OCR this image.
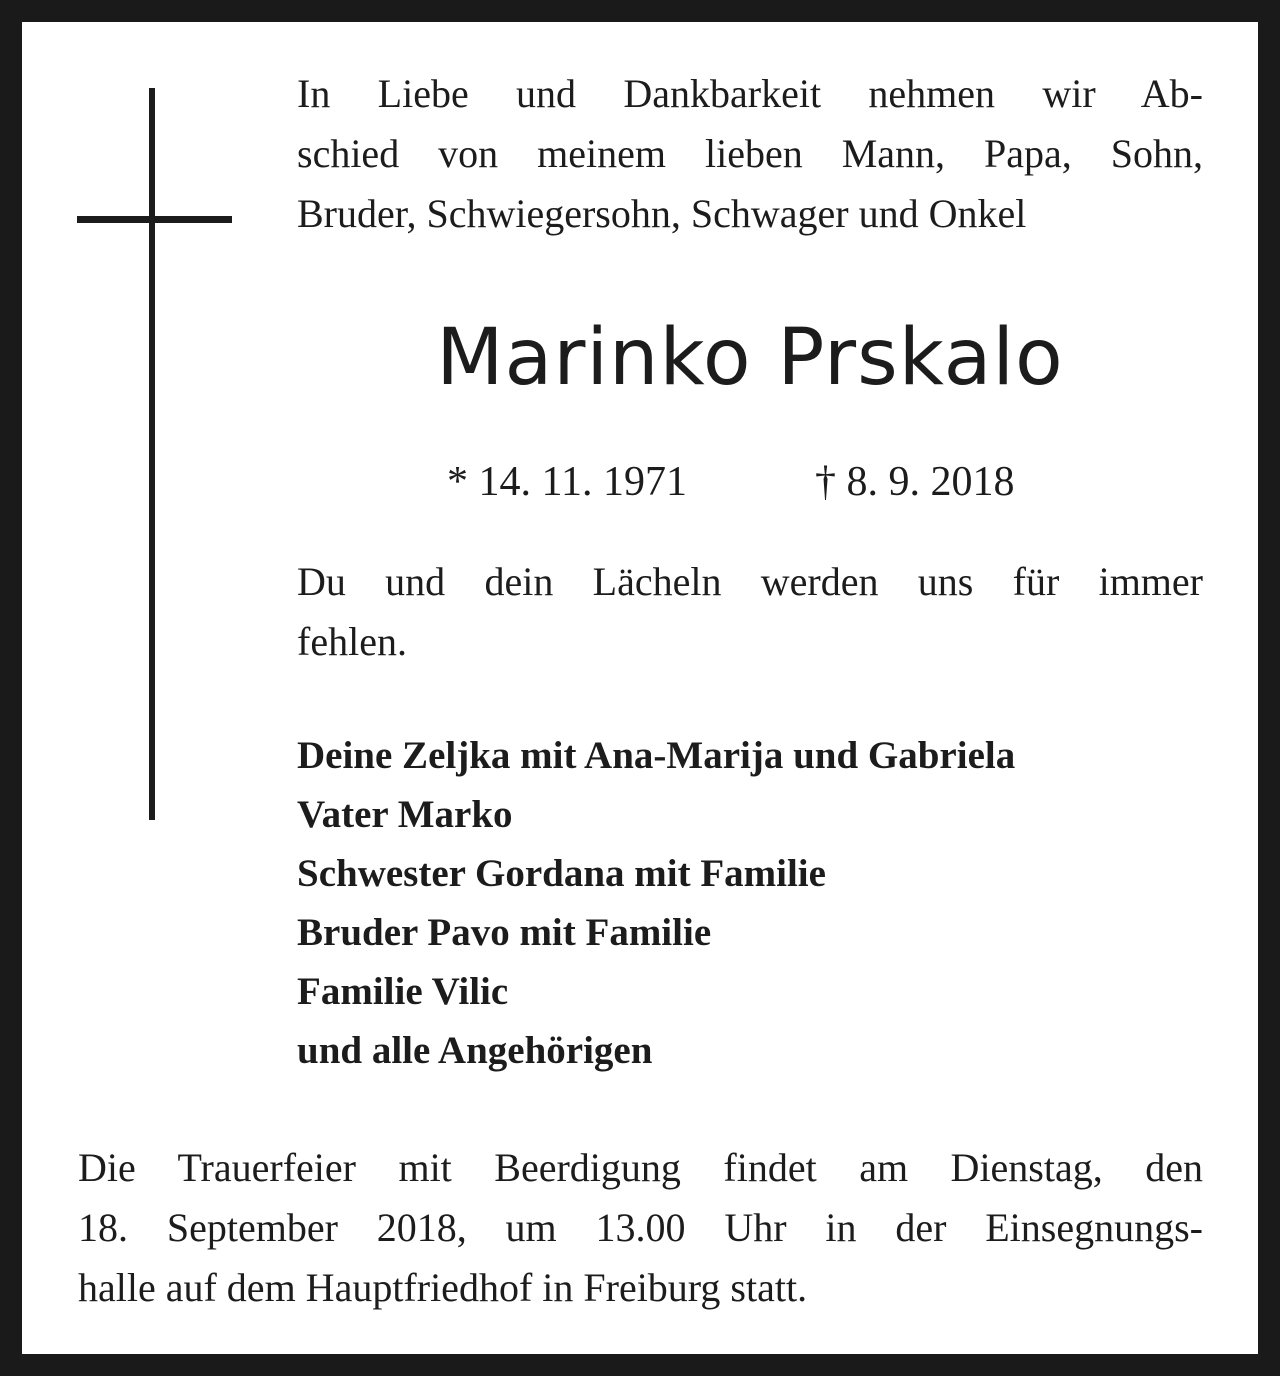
In Liebe und Dankbarkeit nehmen wir Ab-
schied von meinem lieben Mann, Papa, Sohn,
Bruder, Schwiegersohn, Schwager und Onkel
Marinko Prskalo
* 14. 11. 1971	† 8. 9. 2018
Du und dein Lächeln werden uns für immer
fehlen.
Deine Zeljka mit Ana-Marija und Gabriela
Vater Marko
Schwester Gordana mit Familie
Bruder Pavo mit Familie
Familie Vilic
und alle Angehörigen
Die Trauerfeier mit Beerdigung findet am Dienstag, den
18. September 2018, um 13.00 Uhr in der Einsegnungs-
halle auf dem Hauptfriedhof in Freiburg statt.
